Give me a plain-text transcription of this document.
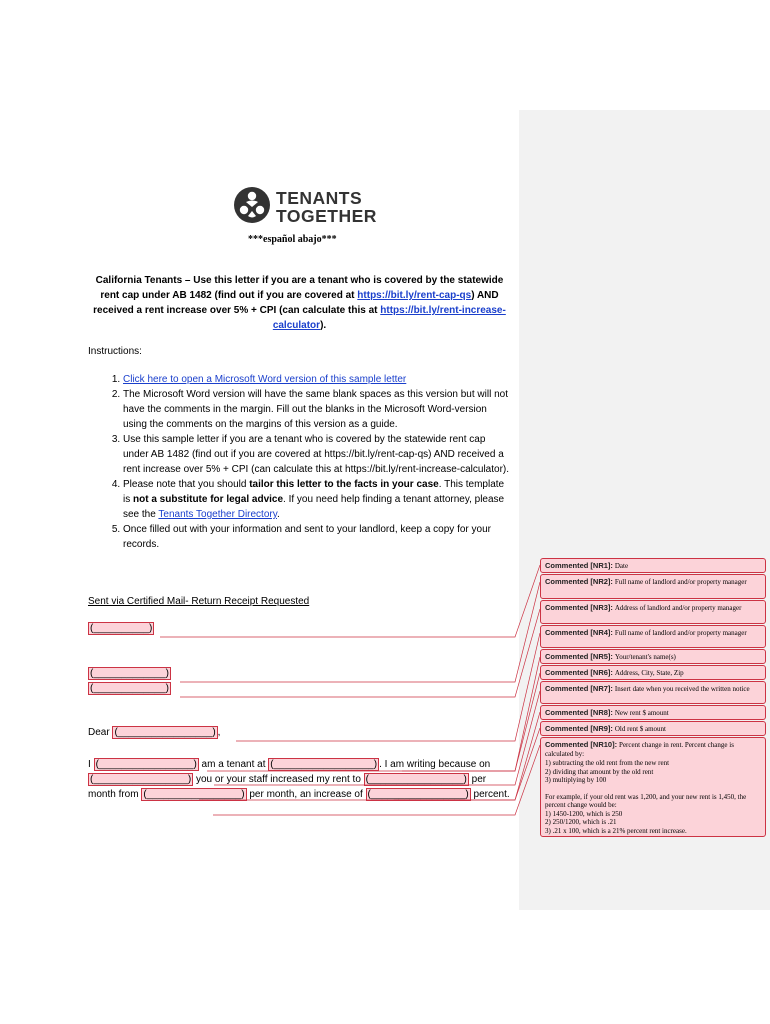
TENANTS
TOGETHER
***español abajo***
California Tenants – Use this letter if you are a tenant who is covered by the statewide rent cap under AB 1482 (find out if you are covered at https://bit.ly/rent-cap-qs) AND received a rent increase over 5% + CPI (can calculate this at https://bit.ly/rent-increase-calculator).
Instructions:
1. Click here to open a Microsoft Word version of this sample letter
2. The Microsoft Word version will have the same blank spaces as this version but will not have the comments in the margin. Fill out the blanks in the Microsoft Word-version using the comments on the margins of this version as a guide.
3. Use this sample letter if you are a tenant who is covered by the statewide rent cap under AB 1482 (find out if you are covered at https://bit.ly/rent-cap-qs) AND received a rent increase over 5% + CPI (can calculate this at https://bit.ly/rent-increase-calculator).
4. Please note that you should tailor this letter to the facts in your case. This template is not a substitute for legal advice. If you need help finding a tenant attorney, please see the Tenants Together Directory.
5. Once filled out with your information and sent to your landlord, keep a copy for your records.
Sent via Certified Mail- Return Receipt Requested
(__________)
(_____________)
(_____________)
Dear (_________________) ,
I (_________________) am a tenant at (__________________) . I am writing because on (_________________) you or your staff increased my rent to (_________________) per month from (_________________) per month, an increase of (_________________) percent.
Commented [NR1]: Date
Commented [NR2]: Full name of landlord and/or property manager
Commented [NR3]: Address of landlord and/or property manager
Commented [NR4]: Full name of landlord and/or property manager
Commented [NR5]: Your/tenant's name(s)
Commented [NR6]: Address, City, State, Zip
Commented [NR7]: Insert date when you received the written notice
Commented [NR8]: New rent $ amount
Commented [NR9]: Old rent $ amount
Commented [NR10]: Percent change in rent. Percent change is calculated by:
1) subtracting the old rent from the new rent
2) dividing that amount by the old rent
3) multiplying by 100
For example, if your old rent was 1,200, and your new rent is 1,450, the percent change would be:
1) 1450-1200, which is 250
2) 250/1200, which is .21
3) .21 x 100, which is a 21% percent rent increase.
